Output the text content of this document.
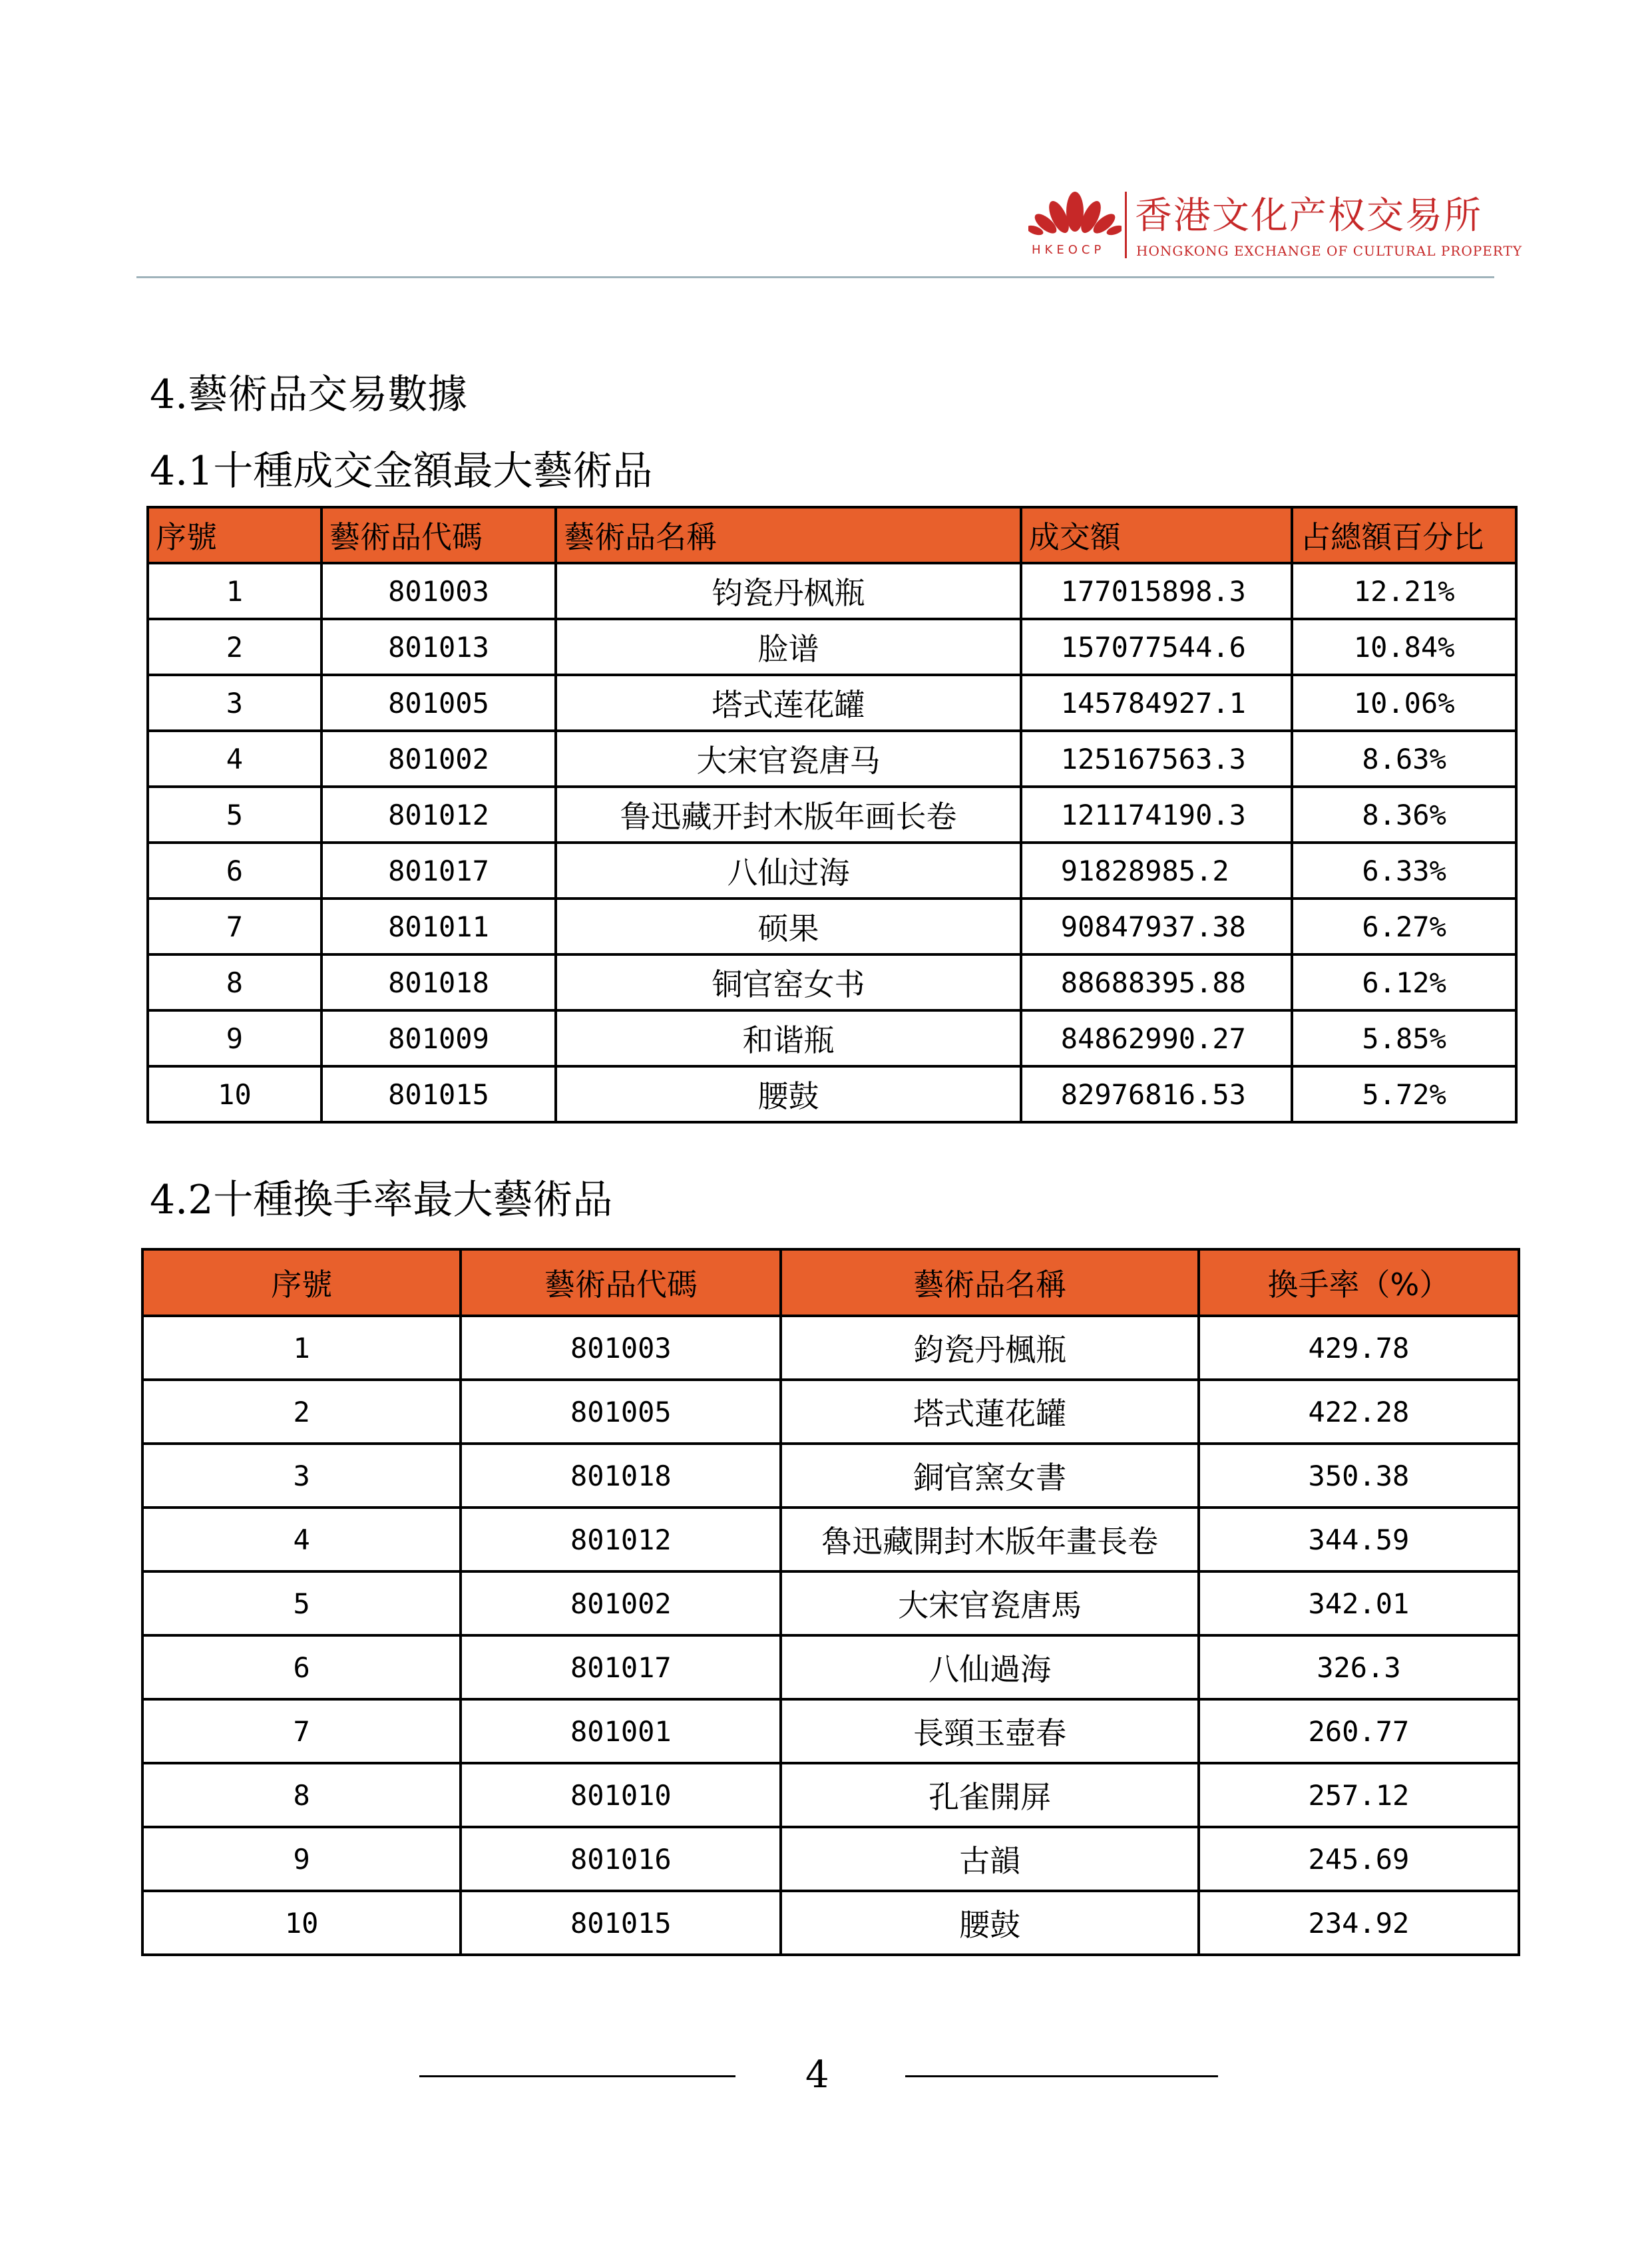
HKEOCP
香港文化产权交易所
HONGKONG EXCHANGE OF CULTURAL PROPERTY
4.藝術品交易數據
4.1十種成交金額最大藝術品
4.2十種換手率最大藝術品
序號	藝術品代碼	藝術品名稱	成交額	占總額百分比
1	801003	钧瓷丹枫瓶	177015898.3	12.21%
2	801013	脸谱	157077544.6	10.84%
3	801005	塔式莲花罐	145784927.1	10.06%
4	801002	大宋官瓷唐马	125167563.3	8.63%
5	801012	鲁迅藏开封木版年画长卷	121174190.3	8.36%
6	801017	八仙过海	91828985.2	6.33%
7	801011	硕果	90847937.38	6.27%
8	801018	铜官窑女书	88688395.88	6.12%
9	801009	和谐瓶	84862990.27	5.85%
10	801015	腰鼓	82976816.53	5.72%
序號	藝術品代碼	藝術品名稱	換手率（%）
1	801003	鈞瓷丹楓瓶	429.78
2	801005	塔式蓮花罐	422.28
3	801018	銅官窯女書	350.38
4	801012	魯迅藏開封木版年畫長卷	344.59
5	801002	大宋官瓷唐馬	342.01
6	801017	八仙過海	326.3
7	801001	長頸玉壺春	260.77
8	801010	孔雀開屏	257.12
9	801016	古韻	245.69
10	801015	腰鼓	234.92
4
